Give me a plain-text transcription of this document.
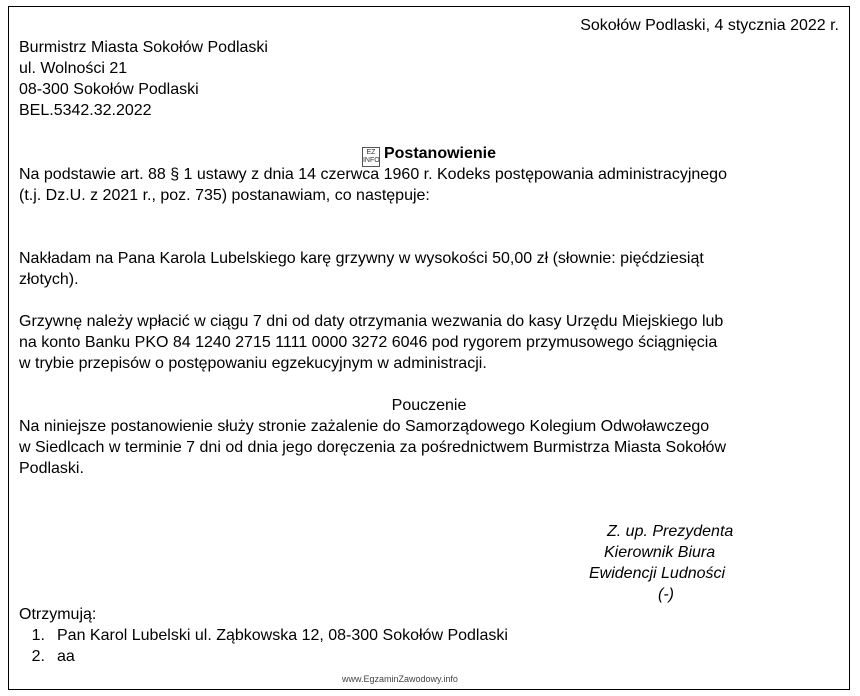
Sokołów Podlaski, 4 stycznia 2022 r.
Burmistrz Miasta Sokołów Podlaski
ul. Wolności 21
08-300 Sokołów Podlaski
BEL.5342.32.2022
EZ INFO Postanowienie
Na podstawie art. 88 § 1 ustawy z dnia 14 czerwca 1960 r. Kodeks postępowania administracyjnego
(t.j. Dz.U. z 2021 r., poz. 735) postanawiam, co następuje:
Nakładam na Pana Karola Lubelskiego karę grzywny w wysokości 50,00 zł (słownie: pięćdziesiąt
złotych).
Grzywnę należy wpłacić w ciągu 7 dni od daty otrzymania wezwania do kasy Urzędu Miejskiego lub
na konto Banku PKO 84 1240 2715 1111 0000 3272 6046 pod rygorem przymusowego ściągnięcia
w trybie przepisów o postępowaniu egzekucyjnym w administracji.
Pouczenie
Na niniejsze postanowienie służy stronie zażalenie do Samorządowego Kolegium Odwoławczego
w Siedlcach w terminie 7 dni od dnia jego doręczenia za pośrednictwem Burmistrza Miasta Sokołów
Podlaski.
Z. up. Prezydenta
Kierownik Biura
Ewidencji Ludności
(-)
Otrzymują:
1. Pan Karol Lubelski ul. Ząbkowska 12, 08-300 Sokołów Podlaski
2. aa
www.EgzaminZawodowy.info
